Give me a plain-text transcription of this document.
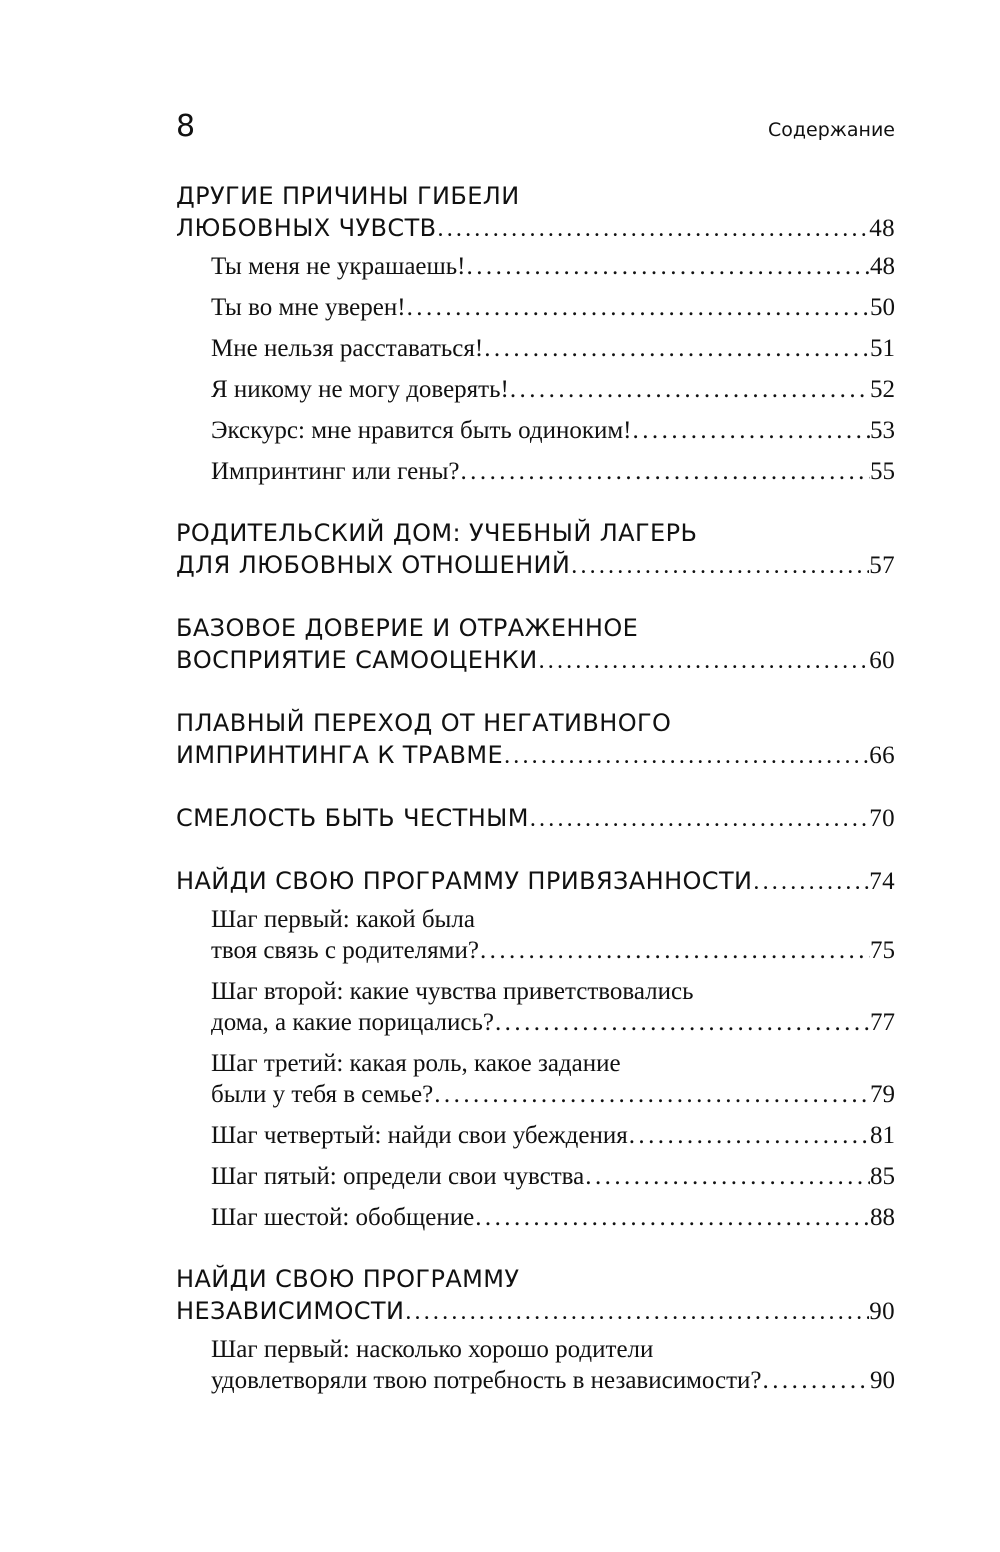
8	Содержание
ДРУГИЕ ПРИЧИНЫ ГИБЕЛИ
ЛЮБОВНЫХ ЧУВСТВ . . .	48
Ты меня не украшаешь! . . .	48
Ты во мне уверен! . . .	50
Мне нельзя расставаться! . . .	51
Я никому не могу доверять! . . .	52
Экскурс: мне нравится быть одиноким! . . .	53
Импринтинг или гены? . . .	55
РОДИТЕЛЬСКИЙ ДОМ: УЧЕБНЫЙ ЛАГЕРЬ
ДЛЯ ЛЮБОВНЫХ ОТНОШЕНИЙ . . .	57
БАЗОВОЕ ДОВЕРИЕ И ОТРАЖЕННОЕ
ВОСПРИЯТИЕ САМООЦЕНКИ . . .	60
ПЛАВНЫЙ ПЕРЕХОД ОТ НЕГАТИВНОГО
ИМПРИНТИНГА К ТРАВМЕ . . .	66
СМЕЛОСТЬ БЫТЬ ЧЕСТНЫМ . . .	70
НАЙДИ СВОЮ ПРОГРАММУ ПРИВЯЗАННОСТИ . . .	74
Шаг первый: какой была
твоя связь с родителями? . . .	75
Шаг второй: какие чувства приветствовались
дома, а какие порицались? . . .	77
Шаг третий: какая роль, какое задание
были у тебя в семье? . . .	79
Шаг четвертый: найди свои убеждения . . .	81
Шаг пятый: определи свои чувства . . .	85
Шаг шестой: обобщение . . .	88
НАЙДИ СВОЮ ПРОГРАММУ
НЕЗАВИСИМОСТИ . . .	90
Шаг первый: насколько хорошо родители
удовлетворяли твою потребность в независимости? . . .	90
